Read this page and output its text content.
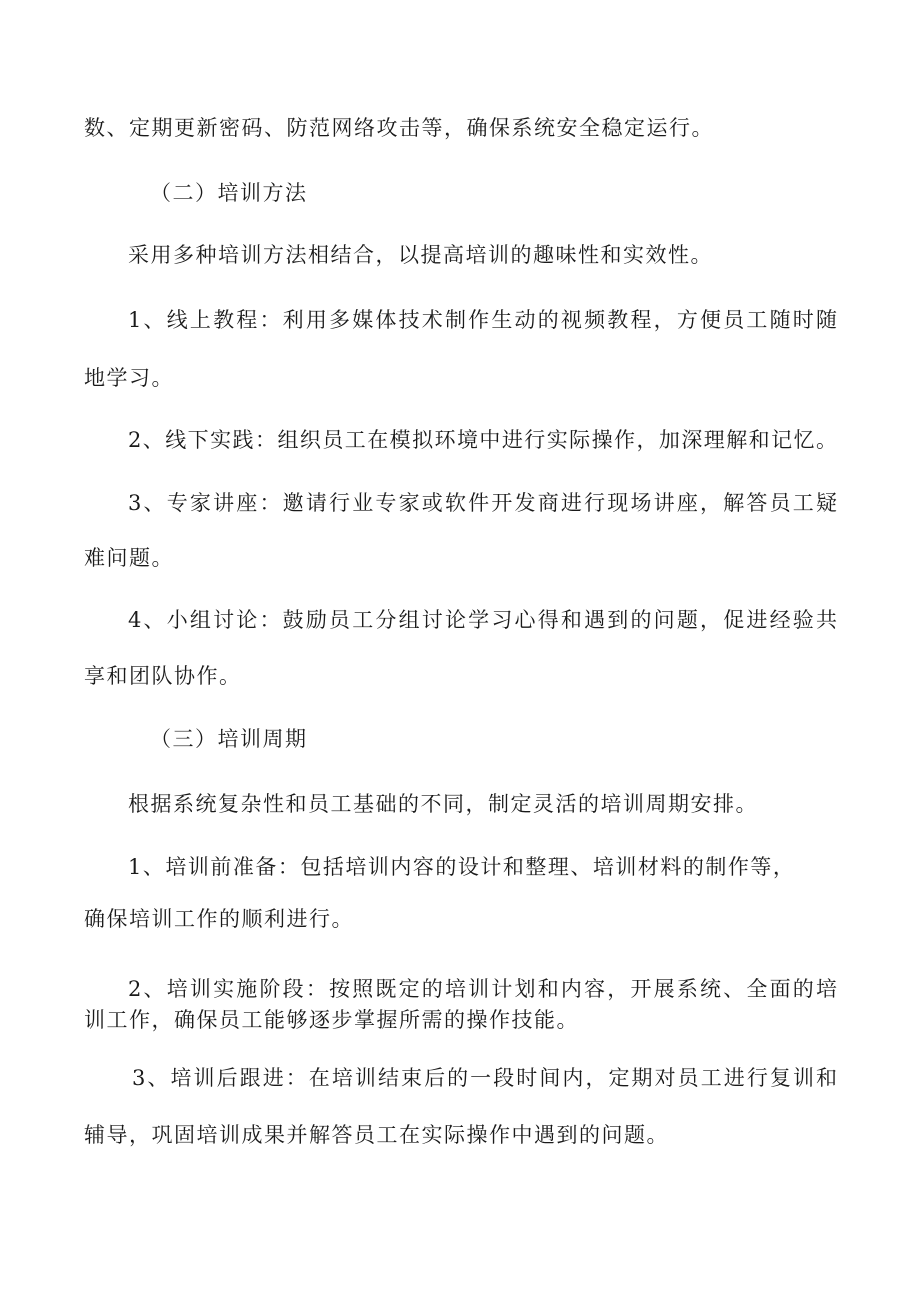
数、定期更新密码、防范网络攻击等，确保系统安全稳定运行。
（二）培训方法
采用多种培训方法相结合，以提高培训的趣味性和实效性。
1、线上教程：利用多媒体技术制作生动的视频教程，方便员工随时随
地学习。
2、线下实践：组织员工在模拟环境中进行实际操作，加深理解和记忆。
3、专家讲座：邀请行业专家或软件开发商进行现场讲座，解答员工疑
难问题。
4、小组讨论：鼓励员工分组讨论学习心得和遇到的问题，促进经验共
享和团队协作。
（三）培训周期
根据系统复杂性和员工基础的不同，制定灵活的培训周期安排。
1、培训前准备：包括培训内容的设计和整理、培训材料的制作等，
确保培训工作的顺利进行。
2、培训实施阶段：按照既定的培训计划和内容，开展系统、全面的培
训工作，确保员工能够逐步掌握所需的操作技能。
3、培训后跟进：在培训结束后的一段时间内，定期对员工进行复训和
辅导，巩固培训成果并解答员工在实际操作中遇到的问题。
